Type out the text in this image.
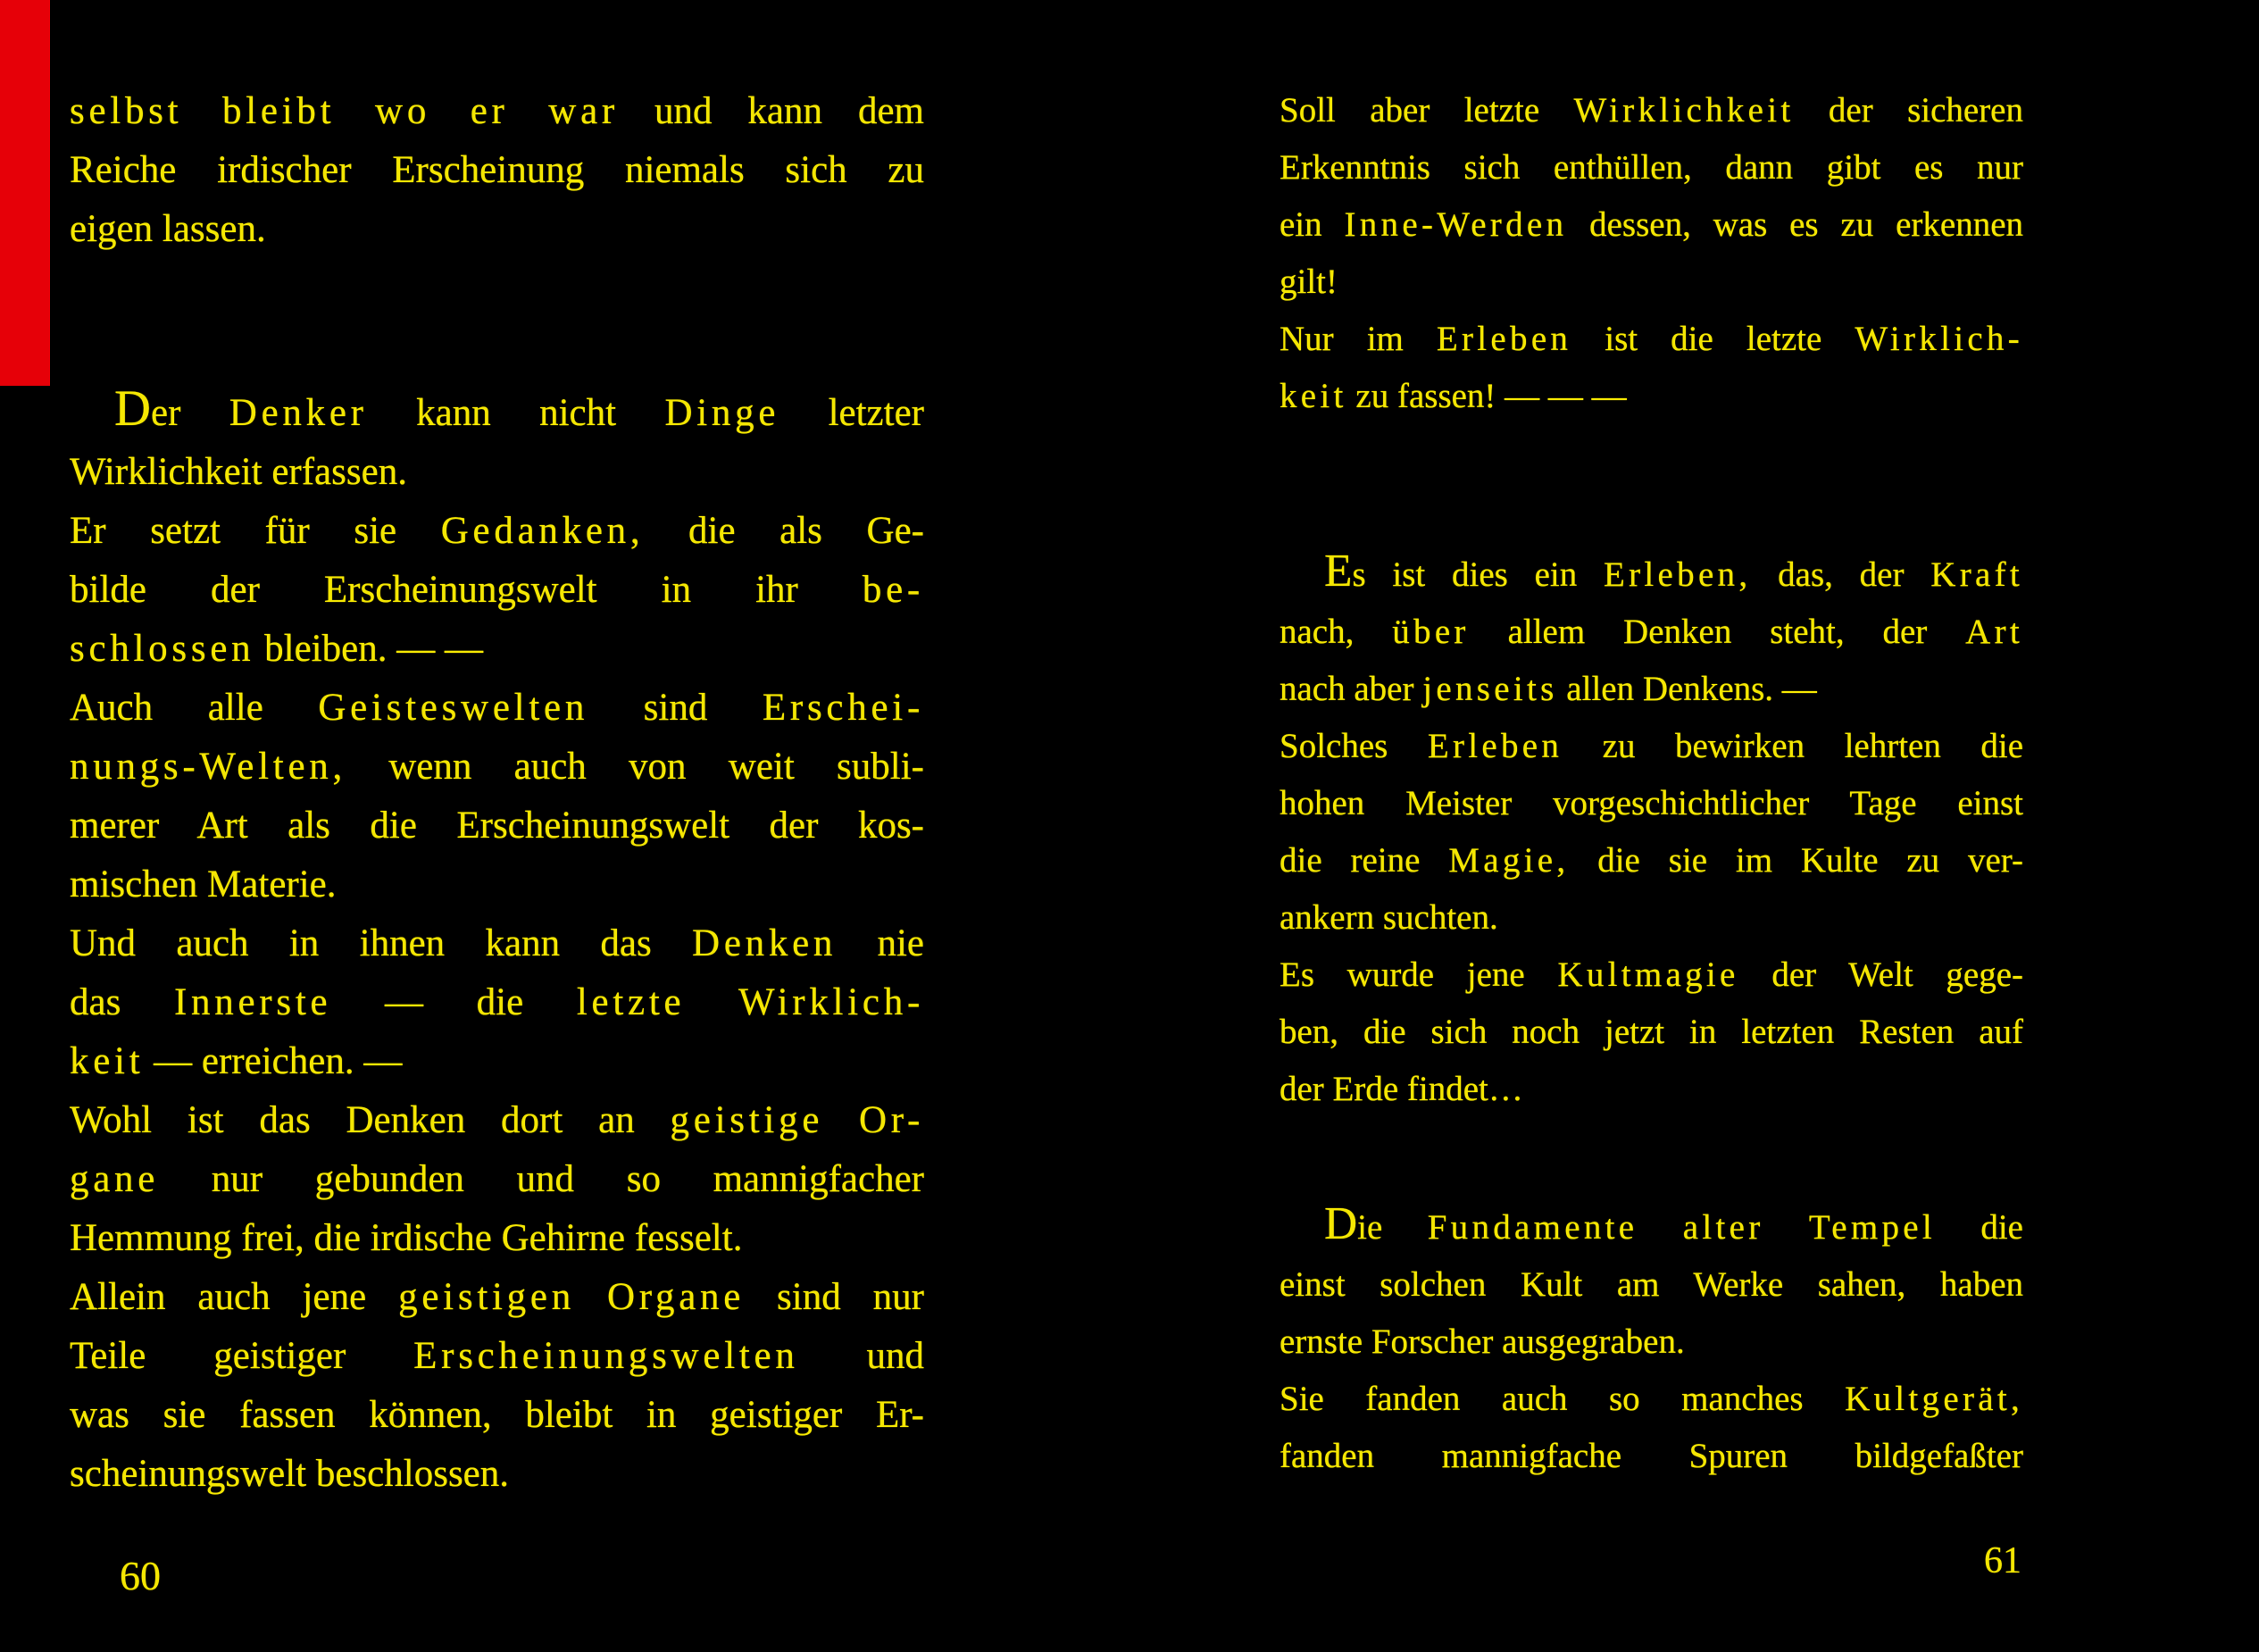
selbst bleibt wo er war und kann dem
Reiche irdischer Erscheinung niemals sich zu
eigen lassen.
Der Denker kann nicht Dinge letzter
Wirklichkeit erfassen.
Er setzt für sie Gedanken, die als Ge-
bilde der Erscheinungswelt in ihr be-
schlossen bleiben. — —
Auch alle Geisteswelten sind Erschei-
nungs-Welten, wenn auch von weit subli-
merer Art als die Erscheinungswelt der kos-
mischen Materie.
Und auch in ihnen kann das Denken nie
das Innerste — die letzte Wirklich-
keit — erreichen. —
Wohl ist das Denken dort an geistige Or-
gane nur gebunden und so mannigfacher
Hemmung frei, die irdische Gehirne fesselt.
Allein auch jene geistigen Organe sind nur
Teile geistiger Erscheinungswelten und
was sie fassen können, bleibt in geistiger Er-
scheinungswelt beschlossen.
Soll aber letzte Wirklichkeit der sicheren
Erkenntnis sich enthüllen, dann gibt es nur
ein Inne-Werden dessen, was es zu erkennen
gilt!
Nur im Erleben ist die letzte Wirklich-
keit zu fassen! — — —
Es ist dies ein Erleben, das, der Kraft
nach, über allem Denken steht, der Art
nach aber jenseits allen Denkens. —
Solches Erleben zu bewirken lehrten die
hohen Meister vorgeschichtlicher Tage einst
die reine Magie, die sie im Kulte zu ver-
ankern suchten.
Es wurde jene Kultmagie der Welt gege-
ben, die sich noch jetzt in letzten Resten auf
der Erde findet…
Die Fundamente alter Tempel die
einst solchen Kult am Werke sahen, haben
ernste Forscher ausgegraben.
Sie fanden auch so manches Kultgerät,
fanden mannigfache Spuren bildgefaßter
60	61
